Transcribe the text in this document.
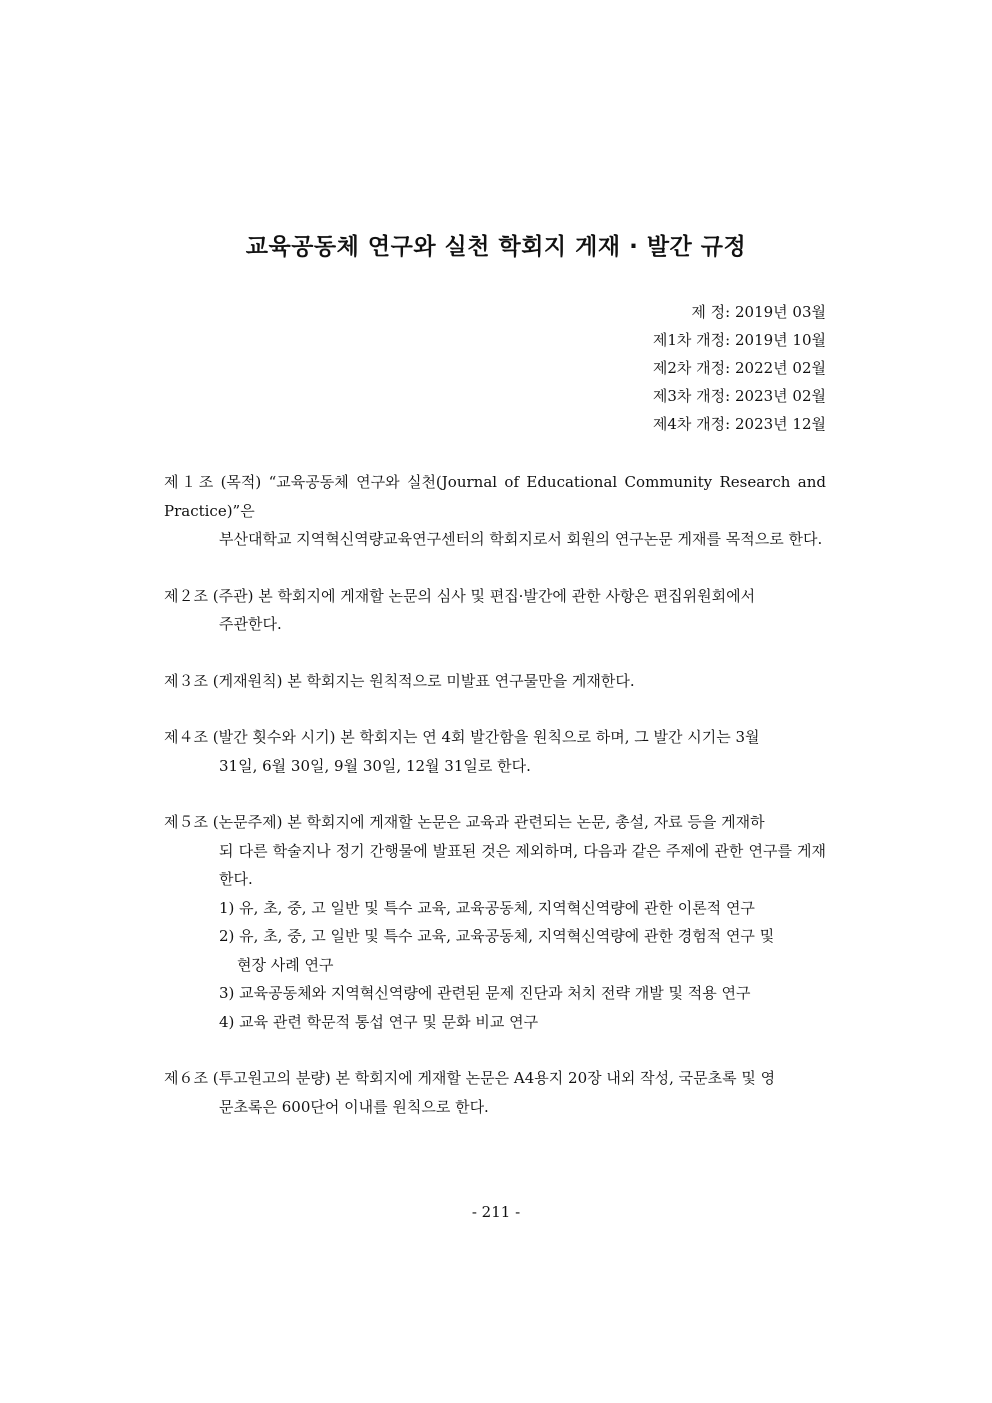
교육공동체 연구와 실천 학회지 게재 · 발간 규정
제 정: 2019년 03월
제1차 개정: 2019년 10월
제2차 개정: 2022년 02월
제3차 개정: 2023년 02월
제4차 개정: 2023년 12월
제１조 (목적) “교육공동체 연구와 실천(Journal of Educational Community Research and Practice)”은
부산대학교 지역혁신역량교육연구센터의 학회지로서 회원의 연구논문 게재를 목적으로 한다.
제２조 (주관) 본 학회지에 게재할 논문의 심사 및 편집·발간에 관한 사항은 편집위원회에서
주관한다.
제３조 (게재원칙) 본 학회지는 원칙적으로 미발표 연구물만을 게재한다.
제４조 (발간 횟수와 시기) 본 학회지는 연 4회 발간함을 원칙으로 하며, 그 발간 시기는 3월
31일, 6월 30일, 9월 30일, 12월 31일로 한다.
제５조 (논문주제) 본 학회지에 게재할 논문은 교육과 관련되는 논문, 총설, 자료 등을 게재하
되 다른 학술지나 정기 간행물에 발표된 것은 제외하며, 다음과 같은 주제에 관한 연구를 게재한다.
1) 유, 초, 중, 고 일반 및 특수 교육, 교육공동체, 지역혁신역량에 관한 이론적 연구
2) 유, 초, 중, 고 일반 및 특수 교육, 교육공동체, 지역혁신역량에 관한 경험적 연구 및
현장 사례 연구
3) 교육공동체와 지역혁신역량에 관련된 문제 진단과 처치 전략 개발 및 적용 연구
4) 교육 관련 학문적 통섭 연구 및 문화 비교 연구
제６조 (투고원고의 분량) 본 학회지에 게재할 논문은 A4용지 20장 내외 작성, 국문초록 및 영
문초록은 600단어 이내를 원칙으로 한다.
- 211 -
